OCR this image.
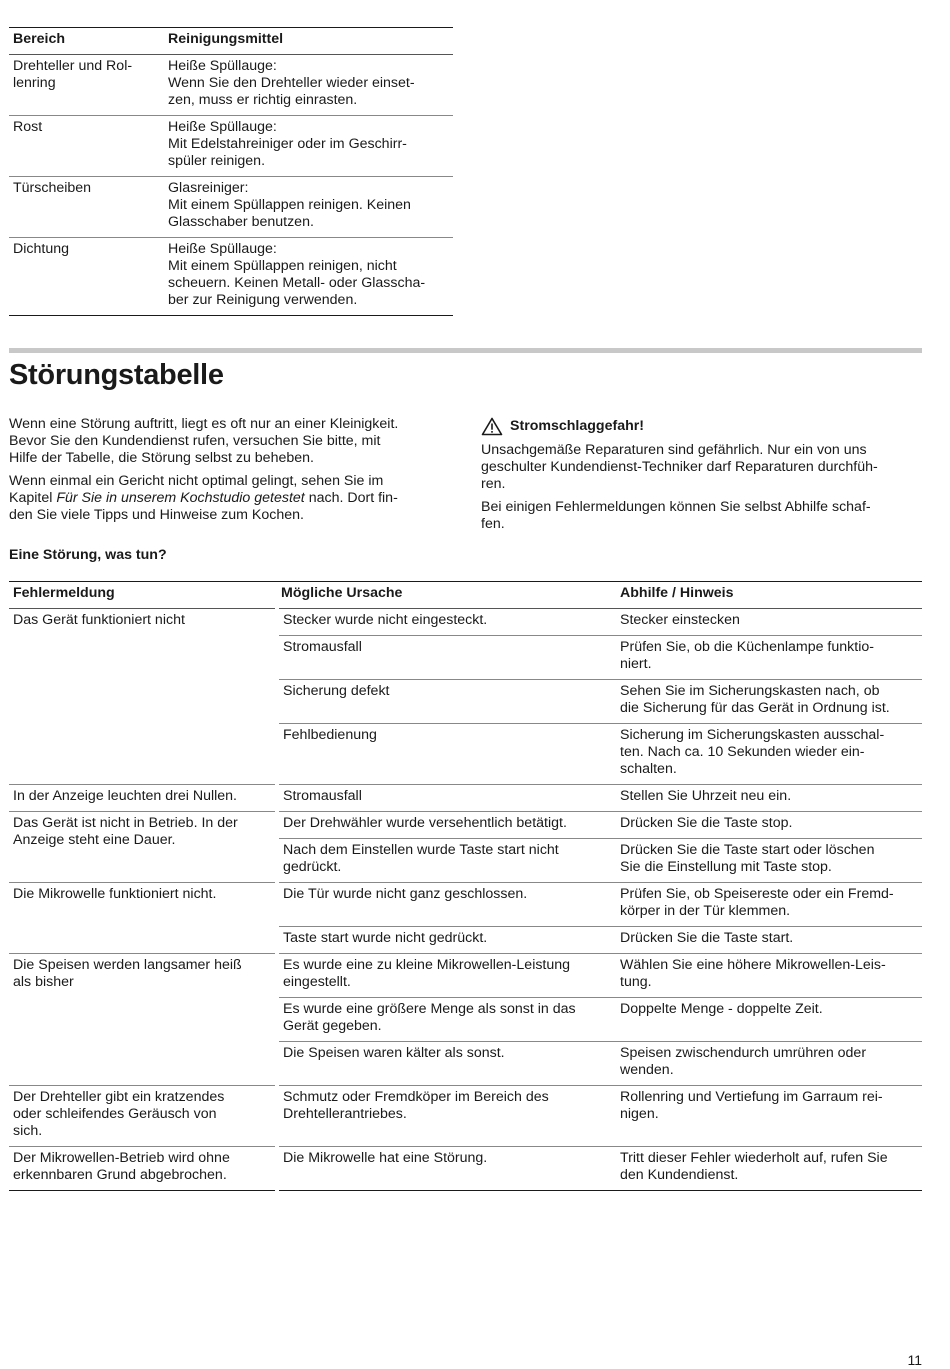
Bereich	Reinigungsmittel
Drehteller und Rol-
lenring	Heiße Spüllauge:
Wenn Sie den Drehteller wieder einset-
zen, muss er richtig einrasten.
Rost	Heiße Spüllauge:
Mit Edelstahreiniger oder im Geschirr-
spüler reinigen.
Türscheiben	Glasreiniger:
Mit einem Spüllappen reinigen. Keinen
Glasschaber benutzen.
Dichtung	Heiße Spüllauge:
Mit einem Spüllappen reinigen, nicht
scheuern. Keinen Metall- oder Glasscha-
ber zur Reinigung verwenden.
Störungstabelle

Wenn eine Störung auftritt, liegt es oft nur an einer Kleinigkeit.
Bevor Sie den Kundendienst rufen, versuchen Sie bitte, mit
Hilfe der Tabelle, die Störung selbst zu beheben.

Wenn einmal ein Gericht nicht optimal gelingt, sehen Sie im
Kapitel Für Sie in unserem Kochstudio getestet nach. Dort fin-
den Sie viele Tipps und Hinweise zum Kochen.

Stromschlaggefahr!

Unsachgemäße Reparaturen sind gefährlich. Nur ein von uns
geschulter Kundendienst-Techniker darf Reparaturen durchfüh-
ren.

Bei einigen Fehlermeldungen können Sie selbst Abhilfe schaf-
fen.

Eine Störung, was tun?
Fehlermeldung	Mögliche Ursache	Abhilfe / Hinweis
Das Gerät funktioniert nicht	Stecker wurde nicht eingesteckt.	Stecker einstecken
	Stromausfall	Prüfen Sie, ob die Küchenlampe funktio-
niert.
	Sicherung defekt	Sehen Sie im Sicherungskasten nach, ob
die Sicherung für das Gerät in Ordnung ist.
	Fehlbedienung	Sicherung im Sicherungskasten ausschal-
ten. Nach ca. 10 Sekunden wieder ein-
schalten.
In der Anzeige leuchten drei Nullen.	Stromausfall	Stellen Sie Uhrzeit neu ein.
Das Gerät ist nicht in Betrieb. In der
Anzeige steht eine Dauer.	Der Drehwähler wurde versehentlich betätigt.	Drücken Sie die Taste stop.
	Nach dem Einstellen wurde Taste start nicht
gedrückt.	Drücken Sie die Taste start oder löschen
Sie die Einstellung mit Taste stop.
Die Mikrowelle funktioniert nicht.	Die Tür wurde nicht ganz geschlossen.	Prüfen Sie, ob Speisereste oder ein Fremd-
körper in der Tür klemmen.
	Taste start wurde nicht gedrückt.	Drücken Sie die Taste start.
Die Speisen werden langsamer heiß
als bisher	Es wurde eine zu kleine Mikrowellen-Leistung
eingestellt.	Wählen Sie eine höhere Mikrowellen-Leis-
tung.
	Es wurde eine größere Menge als sonst in das
Gerät gegeben.	Doppelte Menge - doppelte Zeit.
	Die Speisen waren kälter als sonst.	Speisen zwischendurch umrühren oder
wenden.
Der Drehteller gibt ein kratzendes
oder schleifendes Geräusch von
sich.	Schmutz oder Fremdköper im Bereich des
Drehtellerantriebes.	Rollenring und Vertiefung im Garraum rei-
nigen.
Der Mikrowellen-Betrieb wird ohne
erkennbaren Grund abgebrochen.	Die Mikrowelle hat eine Störung.	Tritt dieser Fehler wiederholt auf, rufen Sie
den Kundendienst.
11
